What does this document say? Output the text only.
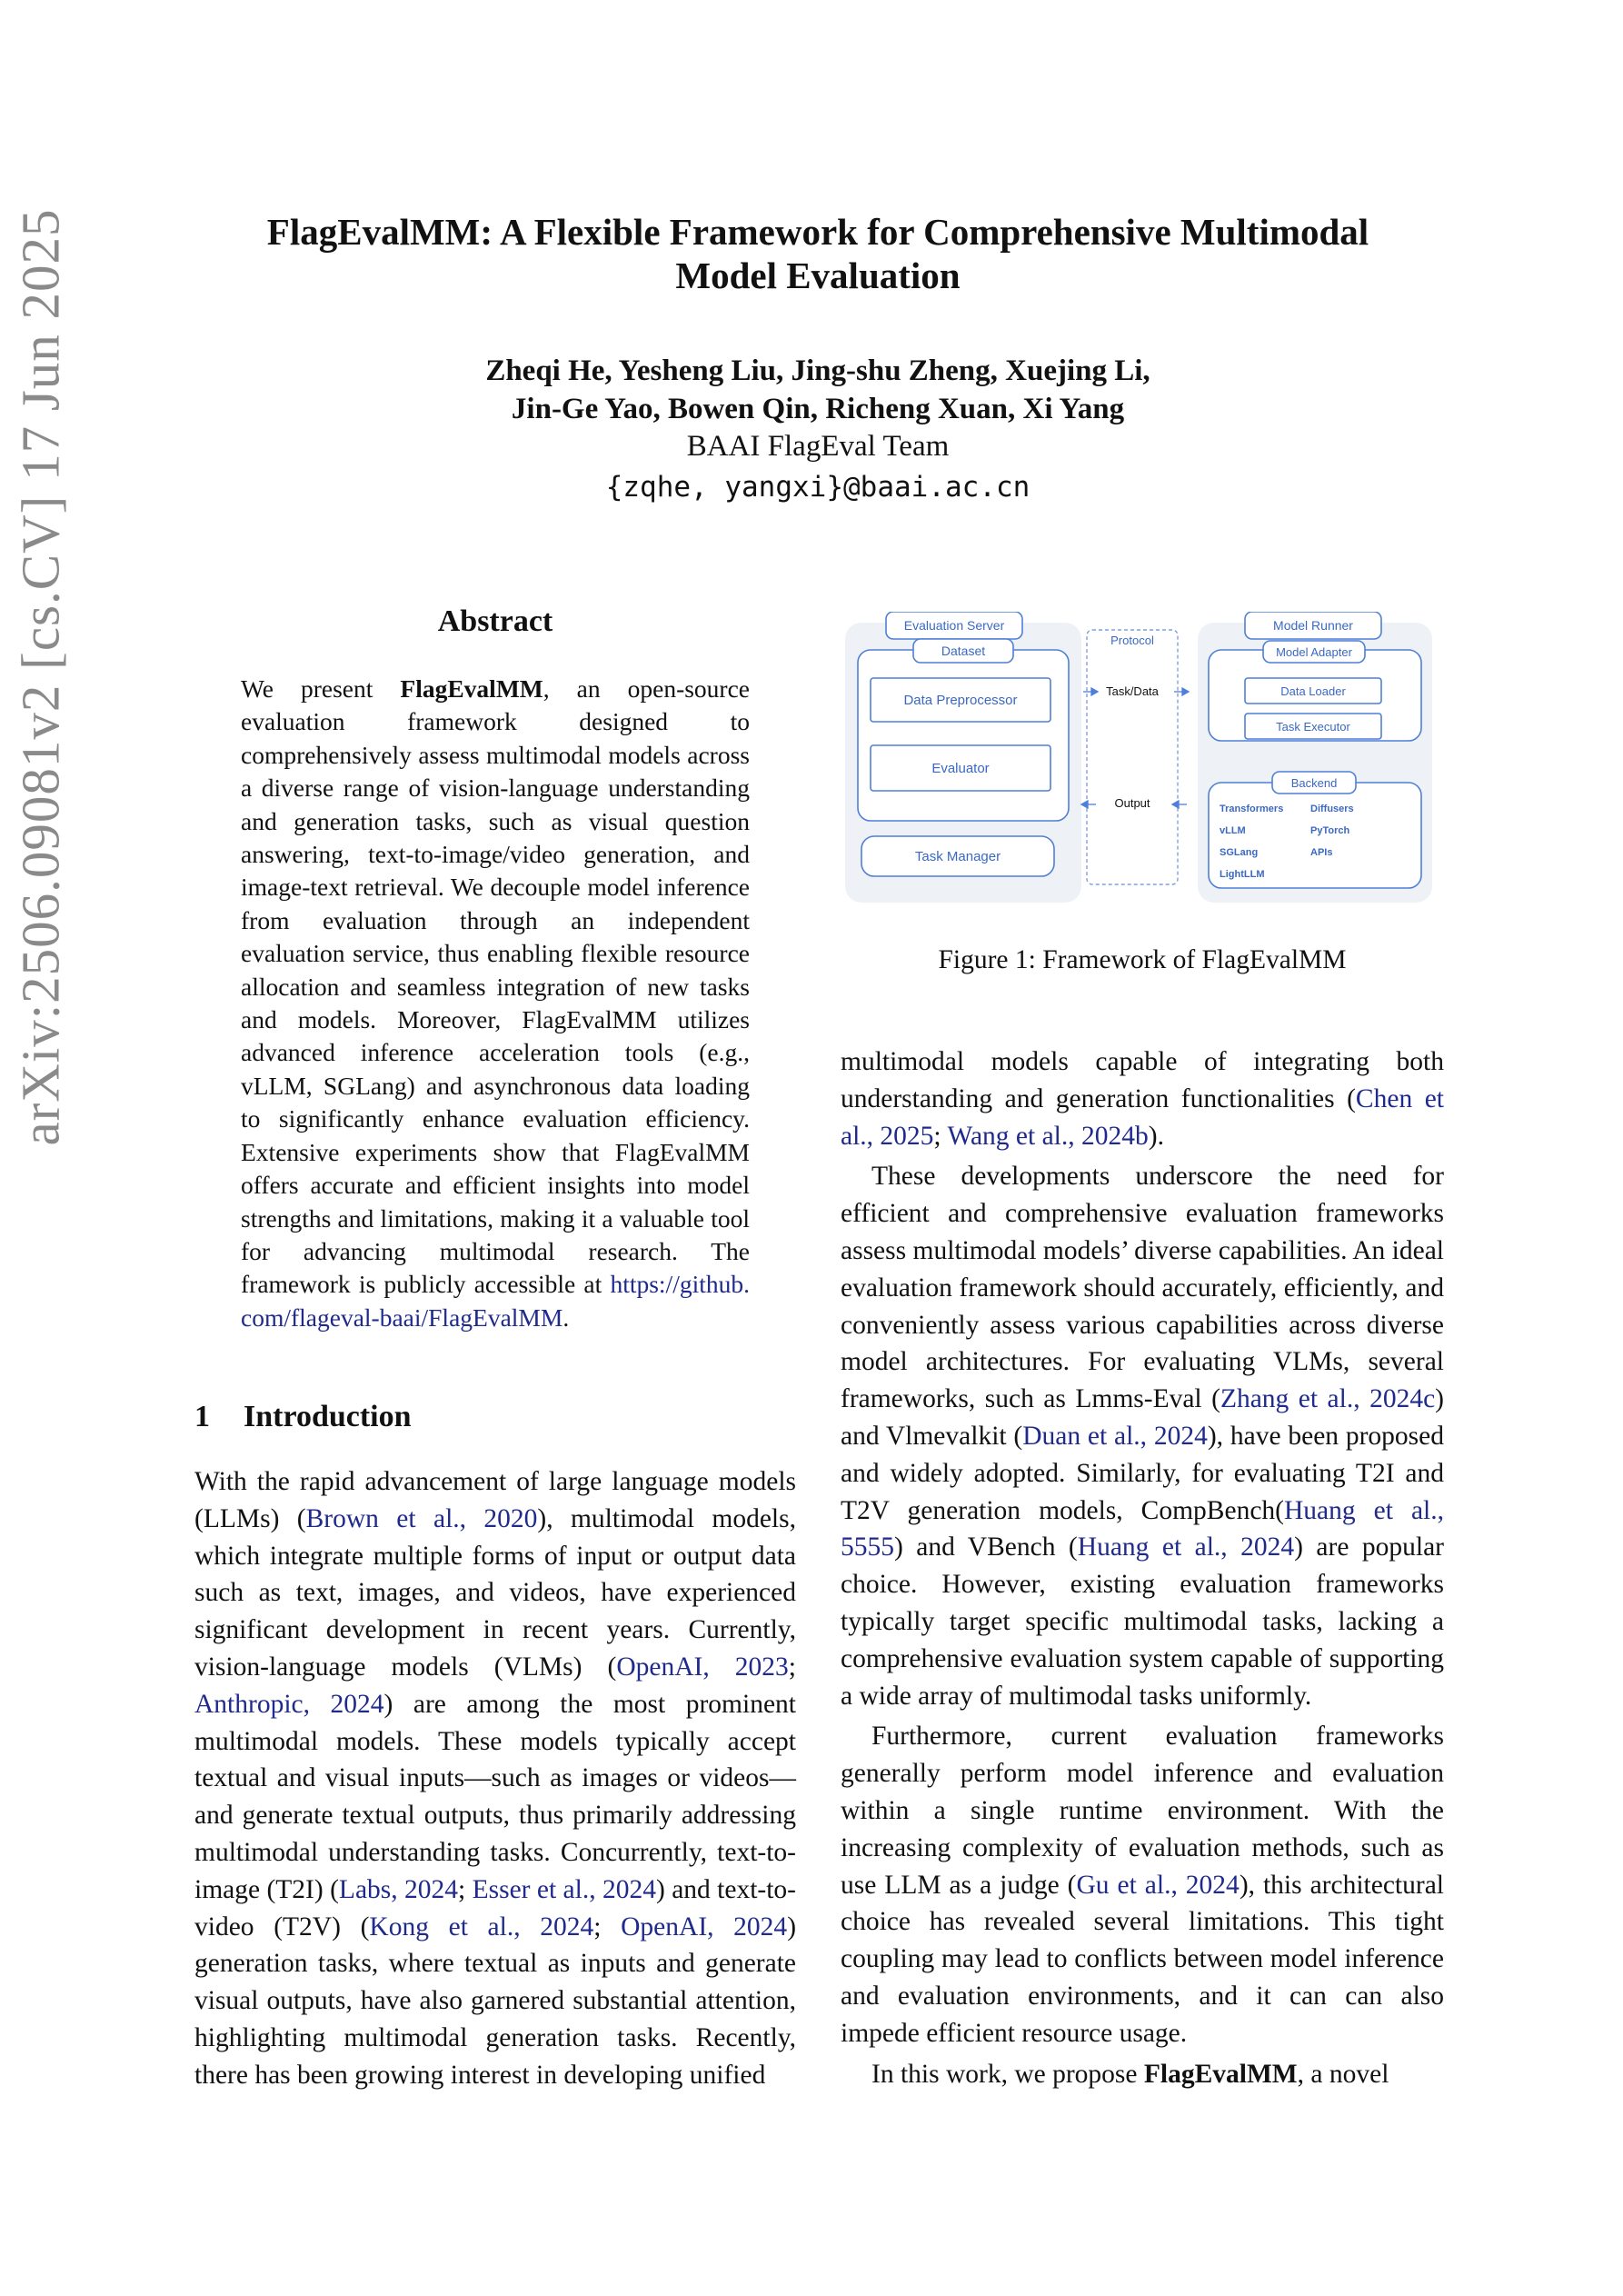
arXiv:2506.09081v2 [cs.CV] 17 Jun 2025	FlagEvalMM: A Flexible Framework for Comprehensive Multimodal
Model Evaluation
Zheqi He, Yesheng Liu, Jing-shu Zheng, Xuejing Li,
Jin-Ge Yao, Bowen Qin, Richeng Xuan, Xi Yang
BAAI FlagEval Team
{zqhe, yangxi}@baai.ac.cn
Abstract
We present FlagEvalMM, an open-source evaluation framework designed to comprehensively assess multimodal models across a diverse range of vision-language understanding and generation tasks, such as visual question answering, text-to-image/video generation, and image-text retrieval. We decouple model inference from evaluation through an independent evaluation service, thus enabling flexible resource allocation and seamless integration of new tasks and models. Moreover, FlagEvalMM utilizes advanced inference acceleration tools (e.g., vLLM, SGLang) and asynchronous data loading to significantly enhance evaluation efficiency. Extensive experiments show that FlagEvalMM offers accurate and efficient insights into model strengths and limitations, making it a valuable tool for advancing multimodal research. The framework is publicly accessible at https://github.com/flageval-baai/FlagEvalMM.
1 Introduction

With the rapid advancement of large language models (LLMs) (Brown et al., 2020), multimodal models, which integrate multiple forms of input or output data such as text, images, and videos, have experienced significant development in recent years. Currently, vision-language models (VLMs) (OpenAI, 2023; Anthropic, 2024) are among the most prominent multimodal models. These models typically accept textual and visual inputs—such as images or videos—and generate textual outputs, thus primarily addressing multimodal understanding tasks. Concurrently, text-to-image (T2I) (Labs, 2024; Esser et al., 2024) and text-to-video (T2V) (Kong et al., 2024; OpenAI, 2024) generation tasks, where textual as inputs and generate visual outputs, have also garnered substantial attention, highlighting multimodal generation tasks. Recently, there has been growing interest in developing unified

Evaluation Server
Dataset
Data Preprocessor
Evaluator
Task Manager
Protocol
Task/Data
Output
Model Runner
Model Adapter
Data Loader
Task Executor
Backend
Transformers	Diffusers
vLLM	PyTorch
SGLang	APIs
LightLLM
Figure 1: Framework of FlagEvalMM

multimodal models capable of integrating both understanding and generation functionalities (Chen et al., 2025; Wang et al., 2024b).

These developments underscore the need for efficient and comprehensive evaluation frameworks assess multimodal models’ diverse capabilities. An ideal evaluation framework should accurately, efficiently, and conveniently assess various capabilities across diverse model architectures. For evaluating VLMs, several frameworks, such as Lmms-Eval (Zhang et al., 2024c) and Vlmevalkit (Duan et al., 2024), have been proposed and widely adopted. Similarly, for evaluating T2I and T2V generation models, CompBench(Huang et al., 5555) and VBench (Huang et al., 2024) are popular choice. However, existing evaluation frameworks typically target specific multimodal tasks, lacking a comprehensive evaluation system capable of supporting a wide array of multimodal tasks uniformly.

Furthermore, current evaluation frameworks generally perform model inference and evaluation within a single runtime environment. With the increasing complexity of evaluation methods, such as use LLM as a judge (Gu et al., 2024), this architectural choice has revealed several limitations. This tight coupling may lead to conflicts between model inference and evaluation environments, and it can can also impede efficient resource usage.

In this work, we propose FlagEvalMM, a novel
